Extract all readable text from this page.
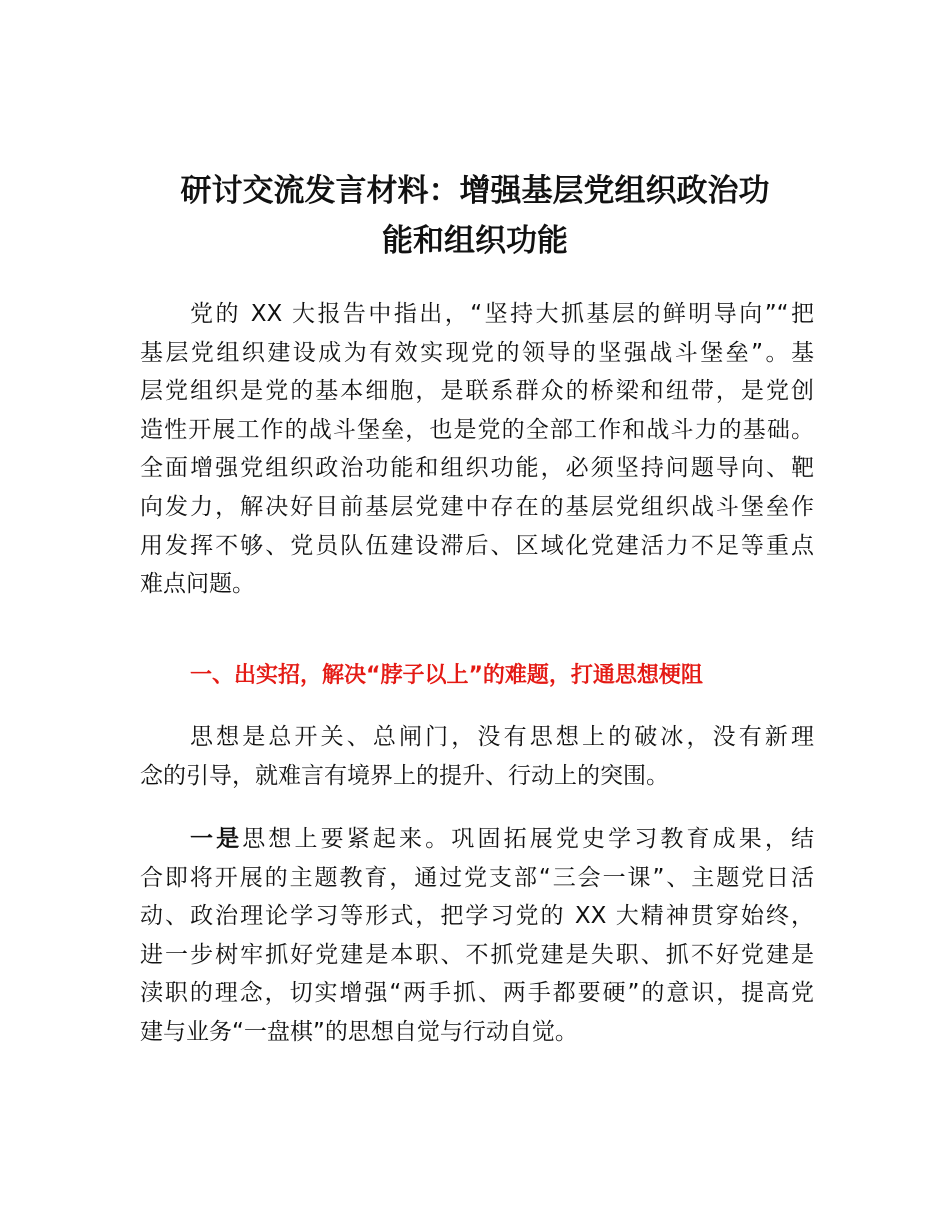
研讨交流发言材料：增强基层党组织政治功
能和组织功能

党的 XX 大报告中指出，“坚持大抓基层的鲜明导向”“把
基层党组织建设成为有效实现党的领导的坚强战斗堡垒”。基
层党组织是党的基本细胞，是联系群众的桥梁和纽带，是党创
造性开展工作的战斗堡垒，也是党的全部工作和战斗力的基础。
全面增强党组织政治功能和组织功能，必须坚持问题导向、靶
向发力，解决好目前基层党建中存在的基层党组织战斗堡垒作
用发挥不够、党员队伍建设滞后、区域化党建活力不足等重点
难点问题。

一、出实招，解决“脖子以上”的难题，打通思想梗阻

思想是总开关、总闸门，没有思想上的破冰，没有新理
念的引导，就难言有境界上的提升、行动上的突围。

一是思想上要紧起来。巩固拓展党史学习教育成果，结
合即将开展的主题教育，通过党支部“三会一课”、主题党日活
动、政治理论学习等形式，把学习党的 XX 大精神贯穿始终，
进一步树牢抓好党建是本职、不抓党建是失职、抓不好党建是
渎职的理念，切实增强“两手抓、两手都要硬”的意识，提高党
建与业务“一盘棋”的思想自觉与行动自觉。
